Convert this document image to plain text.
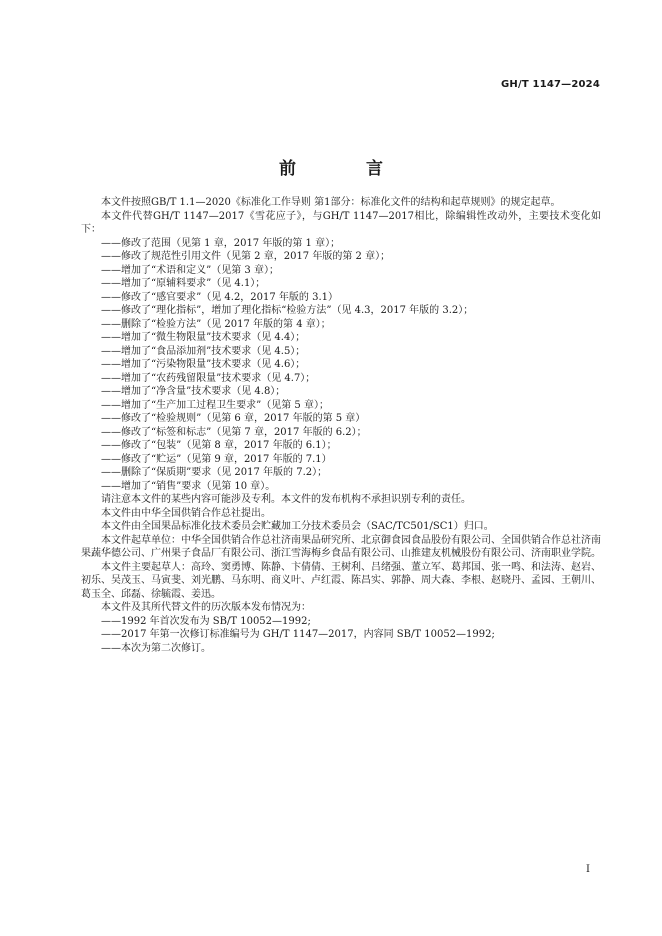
GH/T 1147—2024
前 言

本文件按照GB/T 1.1—2020《标准化工作导则 第1部分：标准化文件的结构和起草规则》的规定起草。

本文件代替GH/T 1147—2017《雪花应子》，与GH/T 1147—2017相比，除编辑性改动外，主要技术变化如下：

——修改了范围（见第 1 章，2017 年版的第 1 章）；
——修改了规范性引用文件（见第 2 章，2017 年版的第 2 章）；
——增加了“术语和定义”（见第 3 章）；
——增加了“原辅料要求”（见 4.1）；
——修改了“感官要求”（见 4.2，2017 年版的 3.1）
——修改了“理化指标”，增加了理化指标“检验方法”（见 4.3，2017 年版的 3.2）；
——删除了“检验方法”（见 2017 年版的第 4 章）；
——增加了“微生物限量”技术要求（见 4.4）；
——增加了“食品添加剂”技术要求（见 4.5）；
——增加了“污染物限量”技术要求（见 4.6）；
——增加了“农药残留限量”技术要求（见 4.7）；
——增加了“净含量”技术要求（见 4.8）；
——增加了“生产加工过程卫生要求”（见第 5 章）；
——修改了“检验规则”（见第 6 章，2017 年版的第 5 章）
——修改了“标签和标志”（见第 7 章，2017 年版的 6.2）；
——修改了“包装”（见第 8 章，2017 年版的 6.1）；
——修改了“贮运”（见第 9 章，2017 年版的 7.1）
——删除了“保质期”要求（见 2017 年版的 7.2）；
——增加了“销售”要求（见第 10 章）。

请注意本文件的某些内容可能涉及专利。本文件的发布机构不承担识别专利的责任。

本文件由中华全国供销合作总社提出。

本文件由全国果品标准化技术委员会贮藏加工分技术委员会（SAC/TC501/SC1）归口。

本文件起草单位：中华全国供销合作总社济南果品研究所、北京御食园食品股份有限公司、全国供销合作总社济南果蔬华德公司、广州果子食品厂有限公司、浙江雪海梅乡食品有限公司、山推建友机械股份有限公司、济南职业学院。

本文件主要起草人：高玲、窦勇博、陈静、卞倩倩、王树利、吕绪强、董立军、葛邦国、张一鸣、和法涛、赵岩、初乐、吴茂玉、马寅斐、刘光鹏、马东明、商义叶、卢红霞、陈昌实、郭静、周大森、李根、赵晓丹、孟园、王朝川、葛玉全、邱磊、徐毓霞、姜迅。

本文件及其所代替文件的历次版本发布情况为：

——1992 年首次发布为 SB/T 10052—1992;
——2017 年第一次修订标准编号为 GH/T 1147—2017，内容同 SB/T 10052—1992;
——本次为第二次修订。
I
